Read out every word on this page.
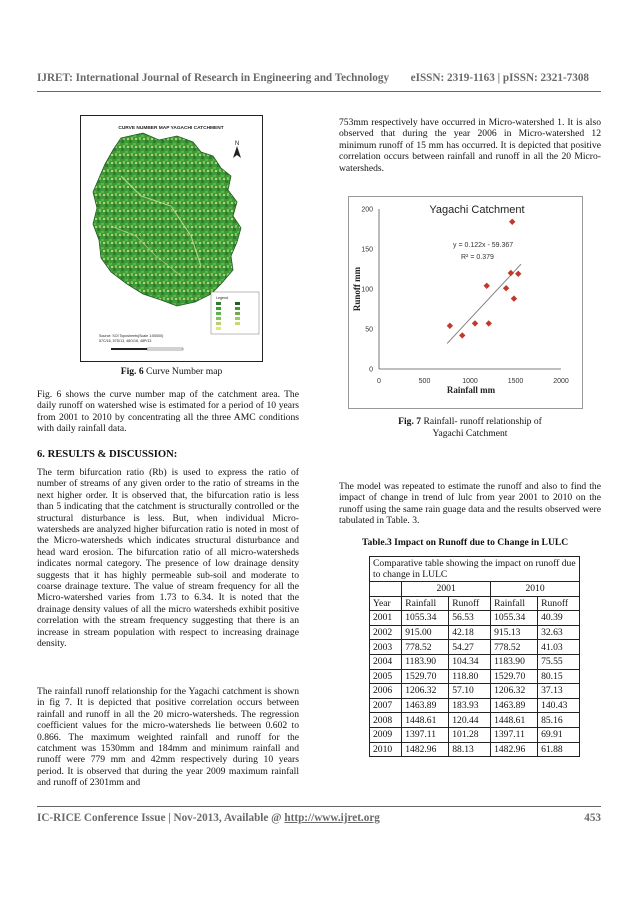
IJRET: International Journal of Research in Engineering and Technology eISSN: 2319-1163 | pISSN: 2321-7308
CURVE NUMBER MAP YAGACHI CATCHMENT
N
Legend
Source: SOI Toposheets(Scale 1:50000)
57C/16, 57D/13, 48O/16, 48P/13
Fig. 6 Curve Number map

Fig. 6 shows the curve number map of the catchment area. The daily runoff on watershed wise is estimated for a period of 10 years from 2001 to 2010 by concentrating all the three AMC conditions with daily rainfall data.

6. RESULTS & DISCUSSION:

The term bifurcation ratio (Rb) is used to express the ratio of number of streams of any given order to the ratio of streams in the next higher order. It is observed that, the bifurcation ratio is less than 5 indicating that the catchment is structurally controlled or the structural disturbance is less. But, when individual Micro-watersheds are analyzed higher bifurcation ratio is noted in most of the Micro-watersheds which indicates structural disturbance and head ward erosion. The bifurcation ratio of all micro-watersheds indicates normal category. The presence of low drainage density suggests that it has highly permeable sub-soil and moderate to coarse drainage texture. The value of stream frequency for all the Micro-watershed varies from 1.73 to 6.34. It is noted that the drainage density values of all the micro watersheds exhibit positive correlation with the stream frequency suggesting that there is an increase in stream population with respect to increasing drainage density.

The rainfall runoff relationship for the Yagachi catchment is shown in fig 7. It is depicted that positive correlation occurs between rainfall and runoff in all the 20 micro-watersheds. The regression coefficient values for the micro-watersheds lie between 0.602 to 0.866. The maximum weighted rainfall and runoff for the catchment was 1530mm and 184mm and minimum rainfall and runoff were 779 mm and 42mm respectively during 10 years period. It is observed that during the year 2009 maximum rainfall and runoff of 2301mm and

753mm respectively have occurred in Micro-watershed 1. It is also observed that during the year 2006 in Micro-watershed 12 minimum runoff of 15 mm has occurred. It is depicted that positive correlation occurs between rainfall and runoff in all the 20 Micro-watersheds.

0
50
100
150
200
0	500	1000	1500	2000
Yagachi Catchment
Rainfall mm
Runoff mm
y = 0.122x - 59.367
R² = 0.379
Fig. 7 Rainfall- runoff relationship of
Yagachi Catchment

The model was repeated to estimate the runoff and also to find the impact of change in trend of lulc from year 2001 to 2010 on the runoff using the same rain guage data and the results observed were tabulated in Table. 3.

Table.3 Impact on Runoff due to Change in LULC
Comparative table showing the impact on runoff due to change in LULC				
	2001		2010	
Year	Rainfall	Runoff	Rainfall	Runoff
2001	1055.34	56.53	1055.34	40.39
2002	915.00	42.18	915.13	32.63
2003	778.52	54.27	778.52	41.03
2004	1183.90	104.34	1183.90	75.55
2005	1529.70	118.80	1529.70	80.15
2006	1206.32	57.10	1206.32	37.13
2007	1463.89	183.93	1463.89	140.43
2008	1448.61	120.44	1448.61	85.16
2009	1397.11	101.28	1397.11	69.91
2010	1482.96	88.13	1482.96	61.88
IC-RICE Conference Issue | Nov-2013, Available @ http://www.ijret.org	453
